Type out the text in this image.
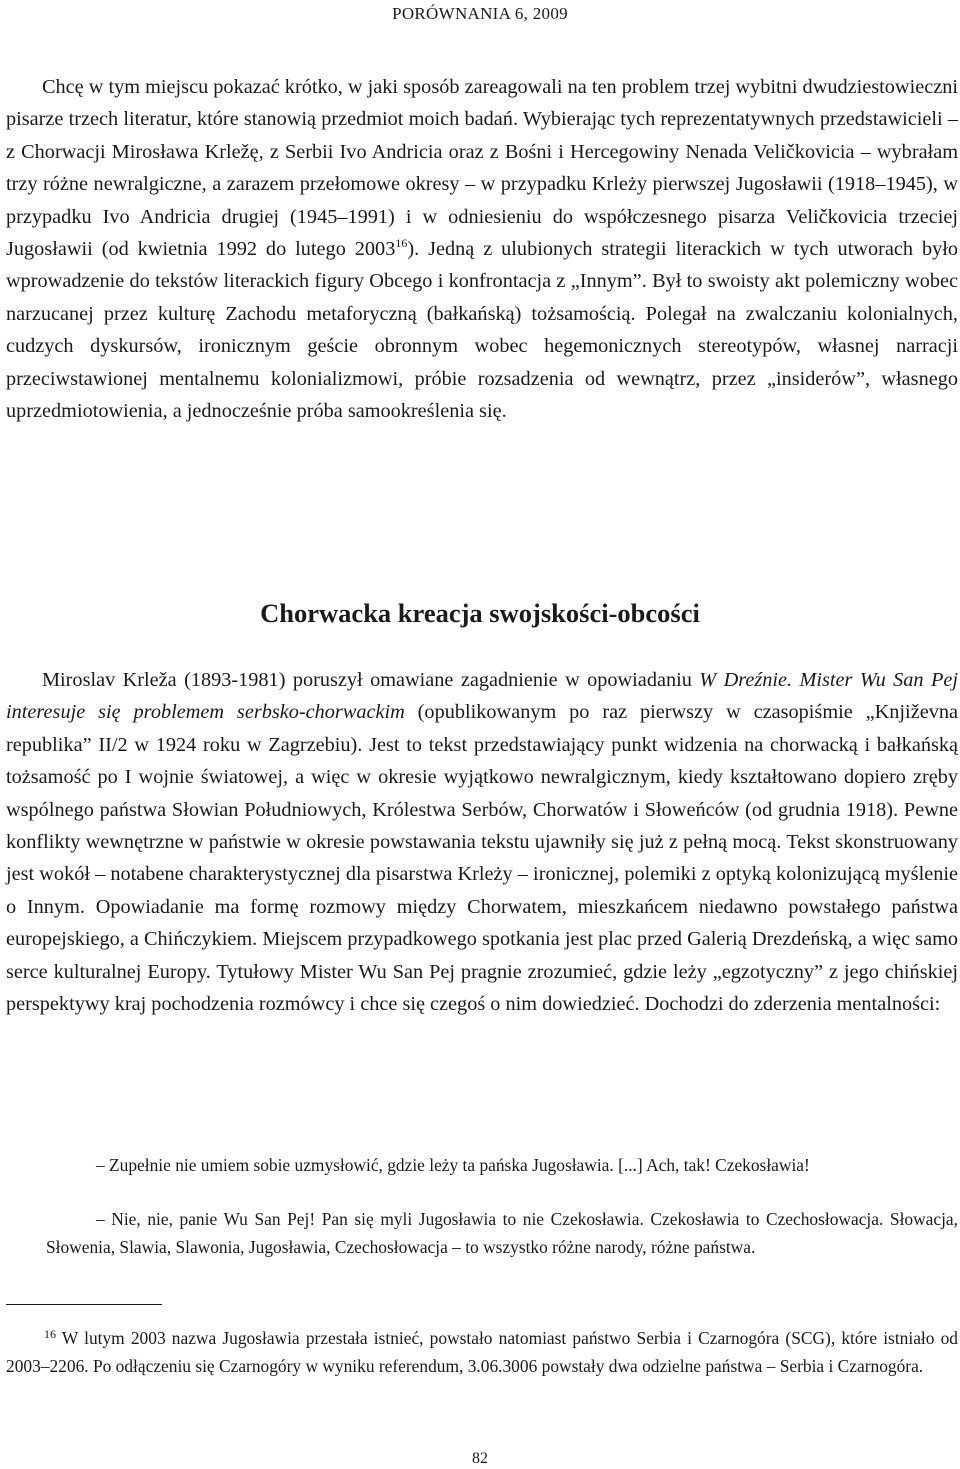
PORÓWNANIA 6, 2009

Chcę w tym miejscu pokazać krótko, w jaki sposób zareagowali na ten problem trzej wybitni dwudziestowieczni pisarze trzech literatur, które stanowią przedmiot moich badań. Wybierając tych reprezentatywnych przedstawicieli – z Chorwacji Mirosława Krležę, z Serbii Ivo Andricia oraz z Bośni i Hercegowiny Nenada Veličkovicia – wybrałam trzy różne newralgiczne, a zarazem przełomowe okresy – w przypadku Krleży pierwszej Jugosławii (1918–1945), w przypadku Ivo Andricia drugiej (1945–1991) i w odniesieniu do współczesnego pisarza Veličkovicia trzeciej Jugosławii (od kwietnia 1992 do lutego 2003$^{16}$). Jedną z ulubionych strategii literackich w tych utworach było wprowadzenie do tekstów literackich figury Obcego i konfrontacja z „Innym”. Był to swoisty akt polemiczny wobec narzucanej przez kulturę Zachodu metaforyczną (bałkańską) tożsamością. Polegał na zwalczaniu kolonialnych, cudzych dyskursów, ironicznym geście obronnym wobec hegemonicznych stereotypów, własnej narracji przeciwstawionej mentalnemu kolonializmowi, próbie rozsadzenia od wewnątrz, przez „insiderów”, własnego uprzedmiotowienia, a jednocześnie próba samookreślenia się.

Chorwacka kreacja swojskości-obcości

Miroslav Krleža (1893-1981) poruszył omawiane zagadnienie w opowiadaniu W Dreźnie. Mister Wu San Pej interesuje się problemem serbsko-chorwackim (opublikowanym po raz pierwszy w czasopiśmie „Književna republika” II/2 w 1924 roku w Zagrzebiu). Jest to tekst przedstawiający punkt widzenia na chorwacką i bałkańską tożsamość po I wojnie światowej, a więc w okresie wyjątkowo newralgicznym, kiedy kształtowano dopiero zręby wspólnego państwa Słowian Południowych, Królestwa Serbów, Chorwatów i Słoweńców (od grudnia 1918). Pewne konflikty wewnętrzne w państwie w okresie powstawania tekstu ujawniły się już z pełną mocą. Tekst skonstruowany jest wokół – notabene charakterystycznej dla pisarstwa Krleży – ironicznej, polemiki z optyką kolonizującą myślenie o Innym. Opowiadanie ma formę rozmowy między Chorwatem, mieszkańcem niedawno powstałego państwa europejskiego, a Chińczykiem. Miejscem przypadkowego spotkania jest plac przed Galerią Drezdeńską, a więc samo serce kulturalnej Europy. Tytułowy Mister Wu San Pej pragnie zrozumieć, gdzie leży „egzotyczny” z jego chińskiej perspektywy kraj pochodzenia rozmówcy i chce się czegoś o nim dowiedzieć. Dochodzi do zderzenia mentalności:

– Zupełnie nie umiem sobie uzmysłowić, gdzie leży ta pańska Jugosławia. [...] Ach, tak! Czekosławia!

– Nie, nie, panie Wu San Pej! Pan się myli Jugosławia to nie Czekosławia. Czekosławia to Czechosłowacja. Słowacja, Słowenia, Slawia, Slawonia, Jugosławia, Czechosłowacja – to wszystko różne narody, różne państwa.

$^{16}$ W lutym 2003 nazwa Jugosławia przestała istnieć, powstało natomiast państwo Serbia i Czarnogóra (SCG), które istniało od 2003–2206. Po odłączeniu się Czarnogóry w wyniku referendum, 3.06.3006 powstały dwa odzielne państwa – Serbia i Czarnogóra.

82
